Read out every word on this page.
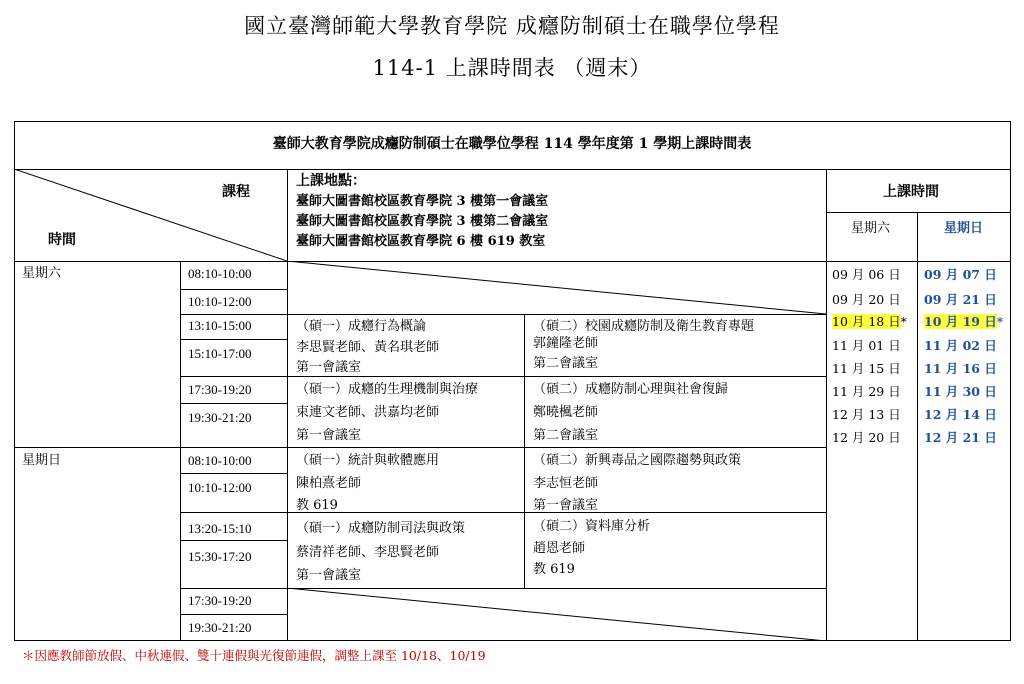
國立臺灣師範大學教育學院 成癮防制碩士在職學位學程
114-1 上課時間表 （週末）
臺師大教育學院成癮防制碩士在職學位學程 114 學年度第 1 學期上課時間表
課程
時間
上課地點：
臺師大圖書館校區教育學院 3 樓第一會議室
臺師大圖書館校區教育學院 3 樓第二會議室
臺師大圖書館校區教育學院 6 樓 619 教室
上課時間
星期六	星期日
星期六
星期日
08:10-10:00
10:10-12:00
13:10-15:00
15:10-17:00
17:30-19:20
19:30-21:20
08:10-10:00
10:10-12:00
13:20-15:10
15:30-17:20
17:30-19:20
19:30-21:20
（碩一）成癮行為概論
李思賢老師、黃名琪老師
第一會議室
（碩二）校園成癮防制及衛生教育專題
郭鐘隆老師
第二會議室
（碩一）成癮的生理機制與治療
束連文老師、洪嘉均老師
第一會議室
（碩二）成癮防制心理與社會復歸
鄭曉楓老師
第二會議室
（碩一）統計與軟體應用
陳柏熹老師
教 619
（碩二）新興毒品之國際趨勢與政策
李志恒老師
第一會議室
（碩一）成癮防制司法與政策
蔡清祥老師、李思賢老師
第一會議室
（碩二）資料庫分析
趙恩老師
教 619
09 月 06 日
09 月 20 日
10 月 18 日*
11 月 01 日
11 月 15 日
11 月 29 日
12 月 13 日
12 月 20 日
09 月 07 日
09 月 21 日
10 月 19 日*
11 月 02 日
11 月 16 日
11 月 30 日
12 月 14 日
12 月 21 日
＊因應教師節放假、中秋連假、雙十連假與光復節連假，調整上課至 10/18、10/19
